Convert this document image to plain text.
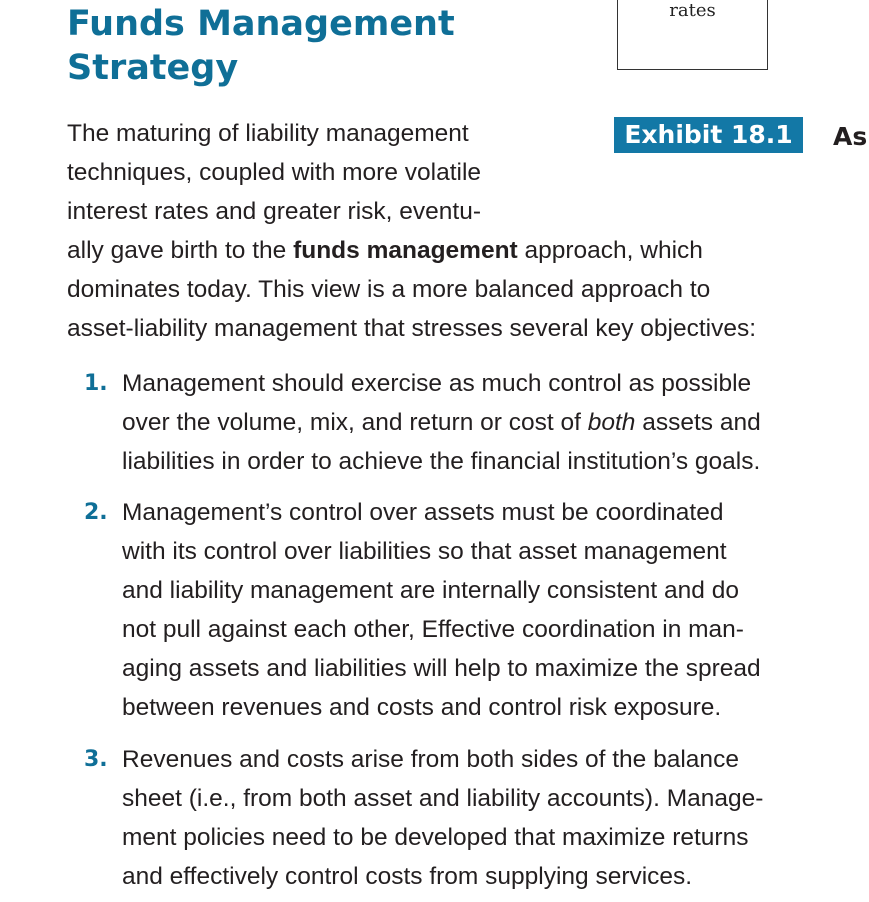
Funds Management
Strategy
rates
Exhibit 18.1	As
The maturing of liability management
techniques, coupled with more volatile
interest rates and greater risk, eventu-
ally gave birth to the funds management approach, which
dominates today. This view is a more balanced approach to
asset-liability management that stresses several key objectives:
1. Management should exercise as much control as possible
over the volume, mix, and return or cost of both assets and
liabilities in order to achieve the financial institution’s goals.
2. Management’s control over assets must be coordinated
with its control over liabilities so that asset management
and liability management are internally consistent and do
not pull against each other, Effective coordination in man-
aging assets and liabilities will help to maximize the spread
between revenues and costs and control risk exposure.
3. Revenues and costs arise from both sides of the balance
sheet (i.e., from both asset and liability accounts). Manage-
ment policies need to be developed that maximize returns
and effectively control costs from supplying services.
